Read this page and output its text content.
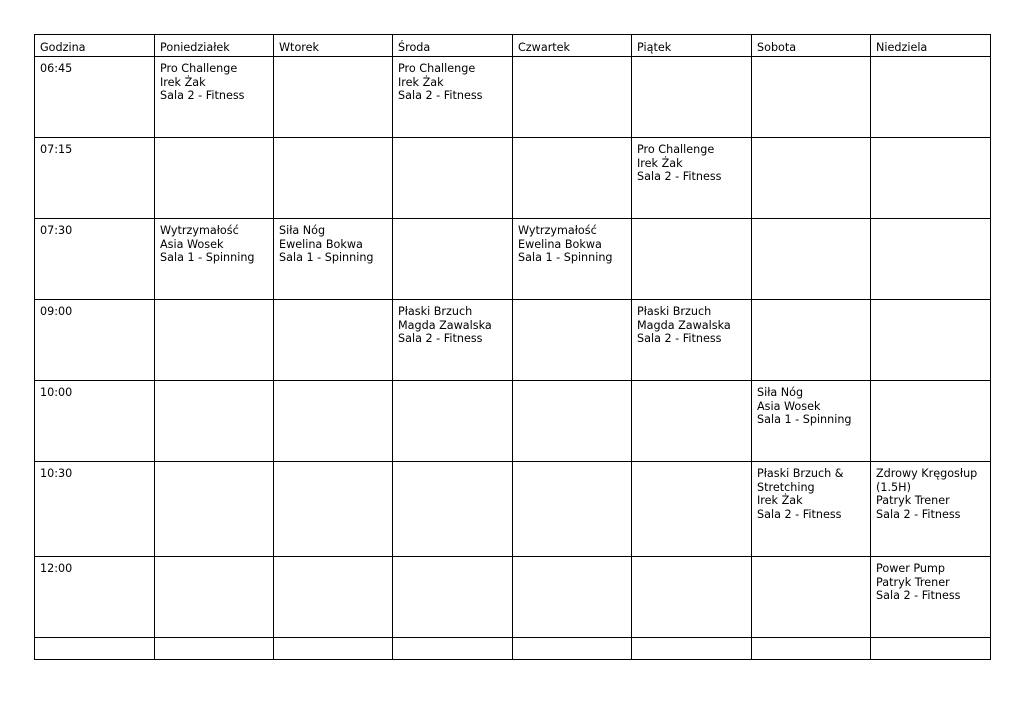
Godzina	Poniedziałek	Wtorek	Środa	Czwartek	Piątek	Sobota	Niedziela
06:45	Pro Challenge
Irek Żak
Sala 2 - Fitness		Pro Challenge
Irek Żak
Sala 2 - Fitness				

07:15					Pro Challenge
Irek Żak
Sala 2 - Fitness		

07:30	Wytrzymałość
Asia Wosek
Sala 1 - Spinning	Siła Nóg
Ewelina Bokwa
Sala 1 - Spinning		Wytrzymałość
Ewelina Bokwa
Sala 1 - Spinning			

09:00			Płaski Brzuch
Magda Zawalska
Sala 2 - Fitness		Płaski Brzuch
Magda Zawalska
Sala 2 - Fitness		

10:00						Siła Nóg
Asia Wosek
Sala 1 - Spinning	

10:30						Płaski Brzuch &
Stretching
Irek Żak
Sala 2 - Fitness	Zdrowy Kręgosłup
(1.5H)
Patryk Trener
Sala 2 - Fitness

12:00							Power Pump
Patryk Trener
Sala 2 - Fitness
